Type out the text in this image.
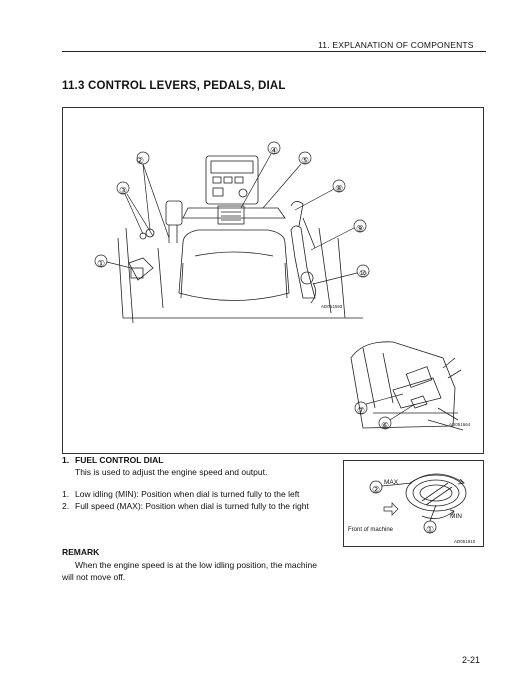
11. EXPLANATION OF COMPONENTS
11.3 CONTROL LEVERS, PEDALS, DIAL
AD051593
②
③
①
④
⑤
⑧
⑨
⑩
⑦
⑥	AD051664
1. FUEL CONTROL DIAL
This is used to adjust the engine speed and output.
1. Low idling (MIN): Position when dial is turned fully to the left
2. Full speed (MAX): Position when dial is turned fully to the right
②
①
MAX
MIN
Front of machine
AD051910
REMARK
When the engine speed is at the low idling position, the machine
will not move off.
2-21
